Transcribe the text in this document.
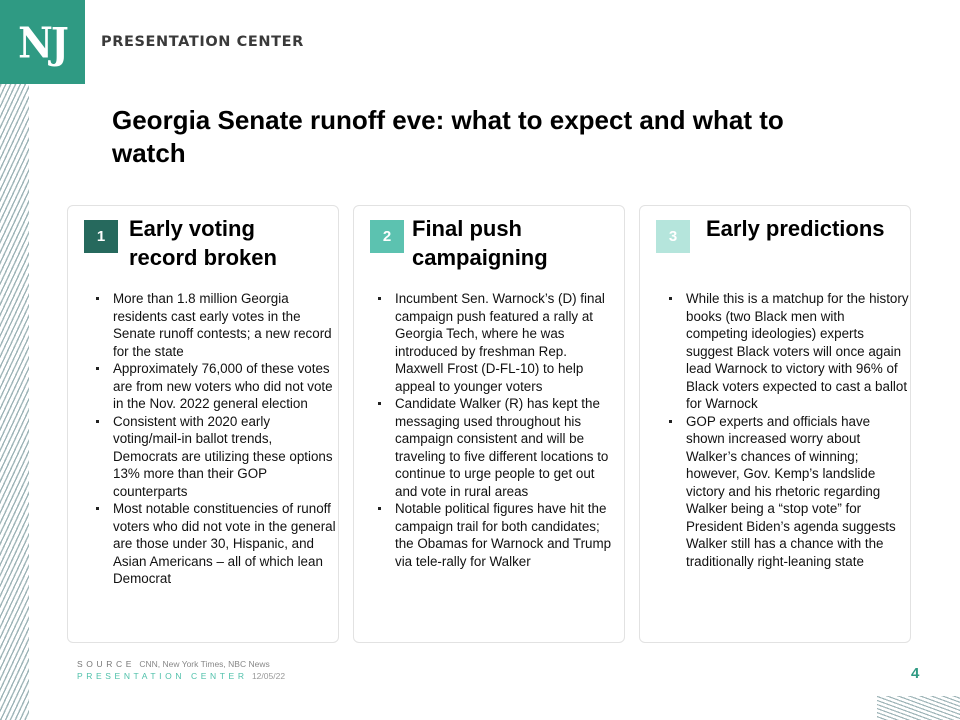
NJ PRESENTATION CENTER
Georgia Senate runoff eve: what to expect and what to watch
1	Early voting record broken
More than 1.8 million Georgia residents cast early votes in the Senate runoff contests; a new record for the state
Approximately 76,000 of these votes are from new voters who did not vote in the Nov. 2022 general election
Consistent with 2020 early voting/mail-in ballot trends, Democrats are utilizing these options 13% more than their GOP counterparts
Most notable constituencies of runoff voters who did not vote in the general are those under 30, Hispanic, and Asian Americans – all of which lean Democrat
2 Final push campaigning
Incumbent Sen. Warnock’s (D) final campaign push featured a rally at Georgia Tech, where he was introduced by freshman Rep. Maxwell Frost (D-FL-10) to help appeal to younger voters
Candidate Walker (R) has kept the messaging used throughout his campaign consistent and will be traveling to five different locations to continue to urge people to get out and vote in rural areas
Notable political figures have hit the campaign trail for both candidates; the Obamas for Warnock and Trump via tele-rally for Walker
3	Early predictions
While this is a matchup for the history books (two Black men with competing ideologies) experts suggest Black voters will once again lead Warnock to victory with 96% of Black voters expected to cast a ballot for Warnock
GOP experts and officials have shown increased worry about Walker’s chances of winning; however, Gov. Kemp’s landslide victory and his rhetoric regarding Walker being a “stop vote” for President Biden’s agenda suggests Walker still has a chance with the traditionally right-leaning state
SOURCE CNN, New York Times, NBC News
PRESENTATION CENTER 12/05/22	4
